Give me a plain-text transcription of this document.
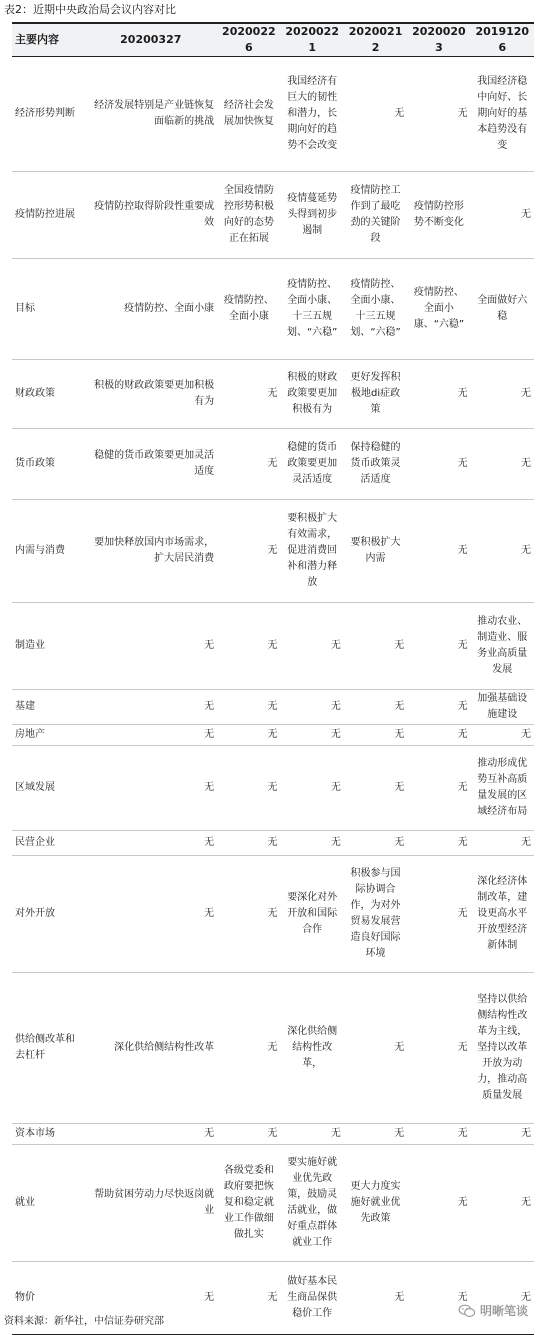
表2：近期中央政治局会议内容对比
主要内容	20200327	20200226	20200221	20200212	20200203	20191206
经济形势判断	经济发展特别是产业链恢复面临新的挑战	经济社会发展加快恢复	我国经济有巨大的韧性和潜力，长期向好的趋势不会改变	无	无	我国经济稳中向好、长期向好的基本趋势没有变
疫情防控进展	疫情防控取得阶段性重要成效	全国疫情防控形势积极向好的态势正在拓展	疫情蔓延势头得到初步遏制	疫情防控工作到了最吃劲的关键阶段	疫情防控形势不断变化	无
目标	疫情防控、全面小康	疫情防控、全面小康	疫情防控、全面小康、十三五规划、“六稳”	疫情防控、全面小康、十三五规划、“六稳”	疫情防控、全面小康、“六稳”	全面做好六稳
财政政策	积极的财政政策要更加积极有为	无	积极的财政政策要更加积极有为	更好发挥积极地di症政策	无	无
货币政策	稳健的货币政策要更加灵活适度	无	稳健的货币政策要更加灵活适度	保持稳健的货币政策灵活适度	无	无
内需与消费	要加快释放国内市场需求，扩大居民消费	无	要积极扩大有效需求，促进消费回补和潜力释放	要积极扩大内需	无	无
制造业	无	无	无	无	无	推动农业、制造业、服务业高质量发展
基建	无	无	无	无	无	加强基础设施建设
房地产	无	无	无	无	无	无
区域发展	无	无	无	无	无	推动形成优势互补高质量发展的区域经济布局
民营企业	无	无	无	无	无	无
对外开放	无	无	要深化对外开放和国际合作	积极参与国际协调合作，为对外贸易发展营造良好国际环境	无	深化经济体制改革，建设更高水平开放型经济新体制
供给侧改革和去杠杆	深化供给侧结构性改革	无	深化供给侧结构性改革，	无	无	坚持以供给侧结构性改革为主线，坚持以改革开放为动力，推动高质量发展
资本市场	无	无	无	无	无	无
就业	帮助贫困劳动力尽快返岗就业	各级党委和政府要把恢复和稳定就业工作做细做扎实	要实施好就业优先政策，鼓励灵活就业，做好重点群体就业工作	更大力度实施好就业优先政策	无	无
物价	无	无	做好基本民生商品保供稳价工作	无	无	无
资料来源：新华社，中信证券研究部
明晰笔谈
